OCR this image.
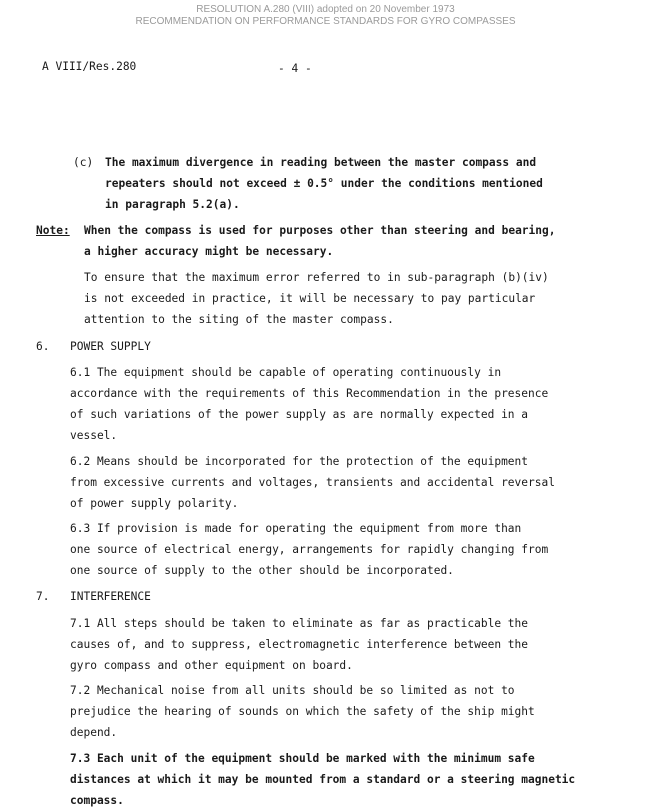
RESOLUTION A.280 (VIII) adopted on 20 November 1973
RECOMMENDATION ON PERFORMANCE STANDARDS FOR GYRO COMPASSES
A VIII/Res.280	- 4 -
(c) The maximum divergence in reading between the master compass and
repeaters should not exceed ± 0.5° under the conditions mentioned
in paragraph 5.2(a).
Note: When the compass is used for purposes other than steering and bearing,
a higher accuracy might be necessary.
To ensure that the maximum error referred to in sub-paragraph (b)(iv)
is not exceeded in practice, it will be necessary to pay particular
attention to the siting of the master compass.
6. POWER SUPPLY
6.1 The equipment should be capable of operating continuously in
accordance with the requirements of this Recommendation in the presence
of such variations of the power supply as are normally expected in a
vessel.
6.2 Means should be incorporated for the protection of the equipment
from excessive currents and voltages, transients and accidental reversal
of power supply polarity.
6.3 If provision is made for operating the equipment from more than
one source of electrical energy, arrangements for rapidly changing from
one source of supply to the other should be incorporated.
7. INTERFERENCE
7.1 All steps should be taken to eliminate as far as practicable the
causes of, and to suppress, electromagnetic interference between the
gyro compass and other equipment on board.
7.2 Mechanical noise from all units should be so limited as not to
prejudice the hearing of sounds on which the safety of the ship might
depend.
7.3 Each unit of the equipment should be marked with the minimum safe
distances at which it may be mounted from a standard or a steering magnetic
compass.
